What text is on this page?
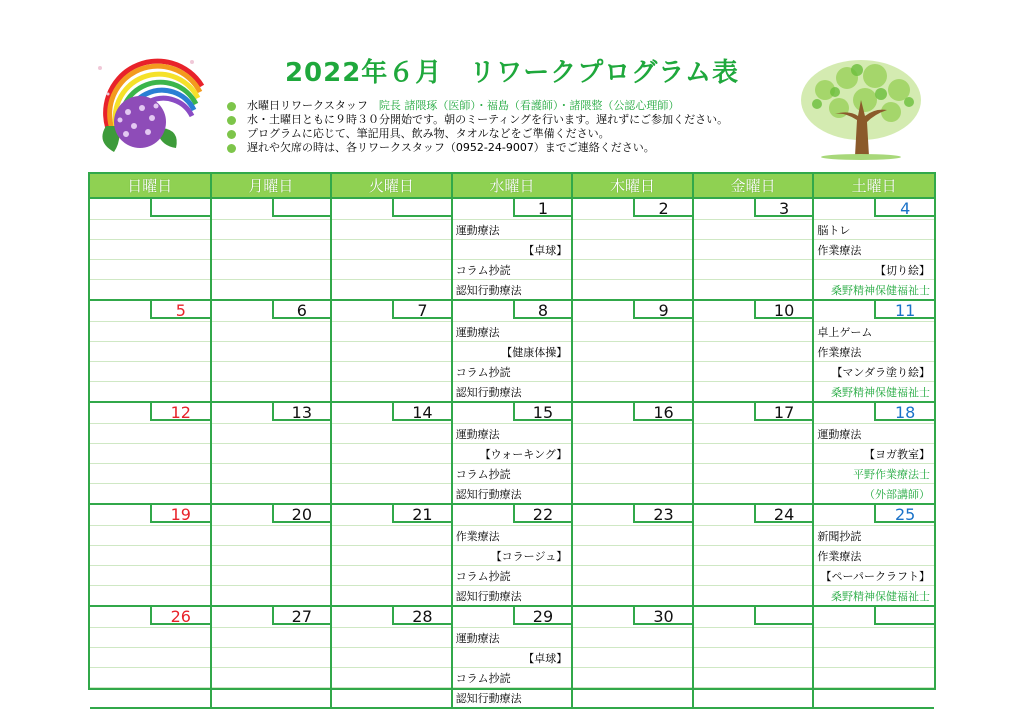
2022年６月　リワークプログラム表
水曜日リワークスタッフ　院長 諸隈琢（医師）・福島（看護師）・諸隈整（公認心理師）
水・土曜日ともに９時３０分開始です。朝のミーティングを行います。遅れずにご参加ください。
プログラムに応じて、筆記用具、飲み物、タオルなどをご準備ください。
遅れや欠席の時は、各リワークスタッフ（0952-24-9007）までご連絡ください。
日曜日	月曜日	火曜日	水曜日	木曜日	金曜日	土曜日

			1	2	3	4

			運動療法			脳トレ

			【卓球】			作業療法

			コラム抄読			【切り絵】

			認知行動療法			桑野精神保健福祉士

5	6	7	8	9	10	11

			運動療法			卓上ゲーム

			【健康体操】			作業療法

			コラム抄読			【マンダラ塗り絵】

			認知行動療法			桑野精神保健福祉士

12	13	14	15	16	17	18

			運動療法			運動療法

			【ウォーキング】			【ヨガ教室】

			コラム抄読			平野作業療法士

			認知行動療法			（外部講師）

19	20	21	22	23	24	25

			作業療法			新聞抄読

			【コラージュ】			作業療法

			コラム抄読			【ペーパークラフト】

			認知行動療法			桑野精神保健福祉士

26	27	28	29	30		

			運動療法			

			【卓球】			

			コラム抄読			

			認知行動療法			
